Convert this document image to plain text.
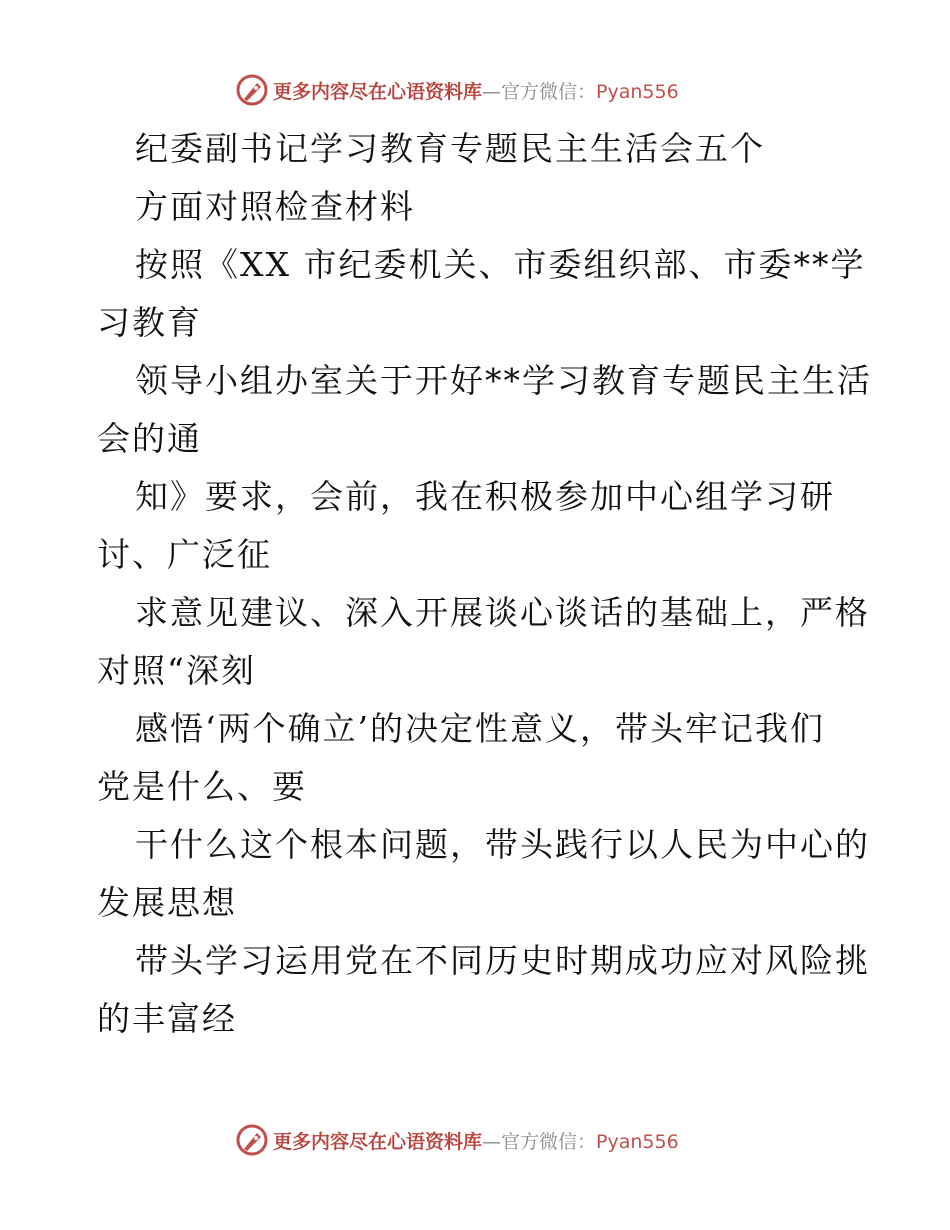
更多内容尽在心语资料库—官方微信：Pyan556
纪委副书记学习教育专题民主生活会五个
方面对照检查材料
按照《XX 市纪委机关、市委组织部、市委**学
习教育
领导小组办室关于开好**学习教育专题民主生活
会的通
知》要求，会前，我在积极参加中心组学习研
讨、广泛征
求意见建议、深入开展谈心谈话的基础上，严格
对照“深刻
感悟‘两个确立’的决定性意义，带头牢记我们
党是什么、要
干什么这个根本问题，带头践行以人民为中心的
发展思想
带头学习运用党在不同历史时期成功应对风险挑
的丰富经
更多内容尽在心语资料库—官方微信：Pyan556
